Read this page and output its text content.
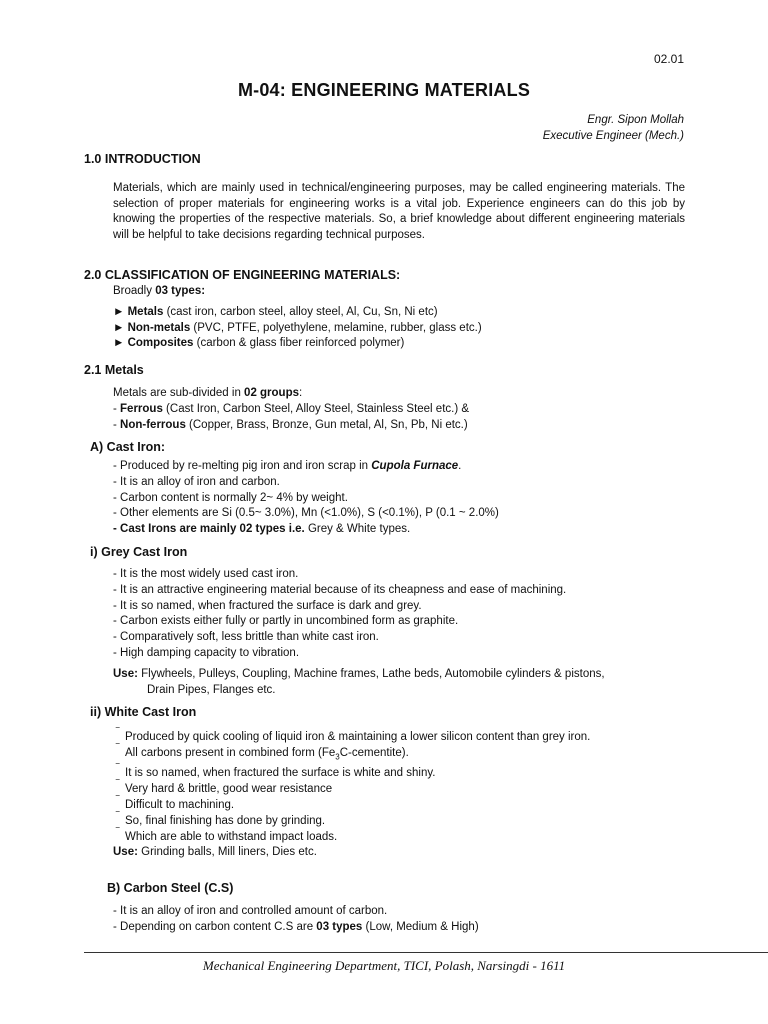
02.01
M-04: ENGINEERING MATERIALS
Engr. Sipon Mollah
Executive Engineer (Mech.)
1.0 INTRODUCTION
Materials, which are mainly used in technical/engineering purposes, may be called engineering materials. The selection of proper materials for engineering works is a vital job. Experience engineers can do this job by knowing the properties of the respective materials. So, a brief knowledge about different engineering materials will be helpful to take decisions regarding technical purposes.
2.0 CLASSIFICATION OF ENGINEERING MATERIALS:
Broadly 03 types:
► Metals (cast iron, carbon steel, alloy steel, Al, Cu, Sn, Ni etc)
► Non-metals (PVC, PTFE, polyethylene, melamine, rubber, glass etc.)
► Composites (carbon & glass fiber reinforced polymer)
2.1 Metals
Metals are sub-divided in 02 groups:
- Ferrous (Cast Iron, Carbon Steel, Alloy Steel, Stainless Steel etc.) &
- Non-ferrous (Copper, Brass, Bronze, Gun metal, Al, Sn, Pb, Ni etc.)
A) Cast Iron:
- Produced by re-melting pig iron and iron scrap in Cupola Furnace.
- It is an alloy of iron and carbon.
- Carbon content is normally 2~ 4% by weight.
- Other elements are Si (0.5~ 3.0%), Mn (<1.0%), S (<0.1%), P (0.1 ~ 2.0%)
- Cast Irons are mainly 02 types i.e. Grey & White types.
i) Grey Cast Iron
- It is the most widely used cast iron.
- It is an attractive engineering material because of its cheapness and ease of machining.
- It is so named, when fractured the surface is dark and grey.
- Carbon exists either fully or partly in uncombined form as graphite.
- Comparatively soft, less brittle than white cast iron.
- High damping capacity to vibration.
Use: Flywheels, Pulleys, Coupling, Machine frames, Lathe beds, Automobile cylinders & pistons,
Drain Pipes, Flanges etc.
ii) White Cast Iron
‾ Produced by quick cooling of liquid iron & maintaining a lower silicon content than grey iron.
‾ All carbons present in combined form $(Fe_3C-cementite)$.
‾ It is so named, when fractured the surface is white and shiny.
‾ Very hard & brittle, good wear resistance
‾ Difficult to machining.
‾ So, final finishing has done by grinding.
‾ Which are able to withstand impact loads.
Use: Grinding balls, Mill liners, Dies etc.
B) Carbon Steel (C.S)
- It is an alloy of iron and controlled amount of carbon.
- Depending on carbon content C.S are 03 types (Low, Medium & High)
Mechanical Engineering Department, TICI, Polash, Narsingdi - 1611
